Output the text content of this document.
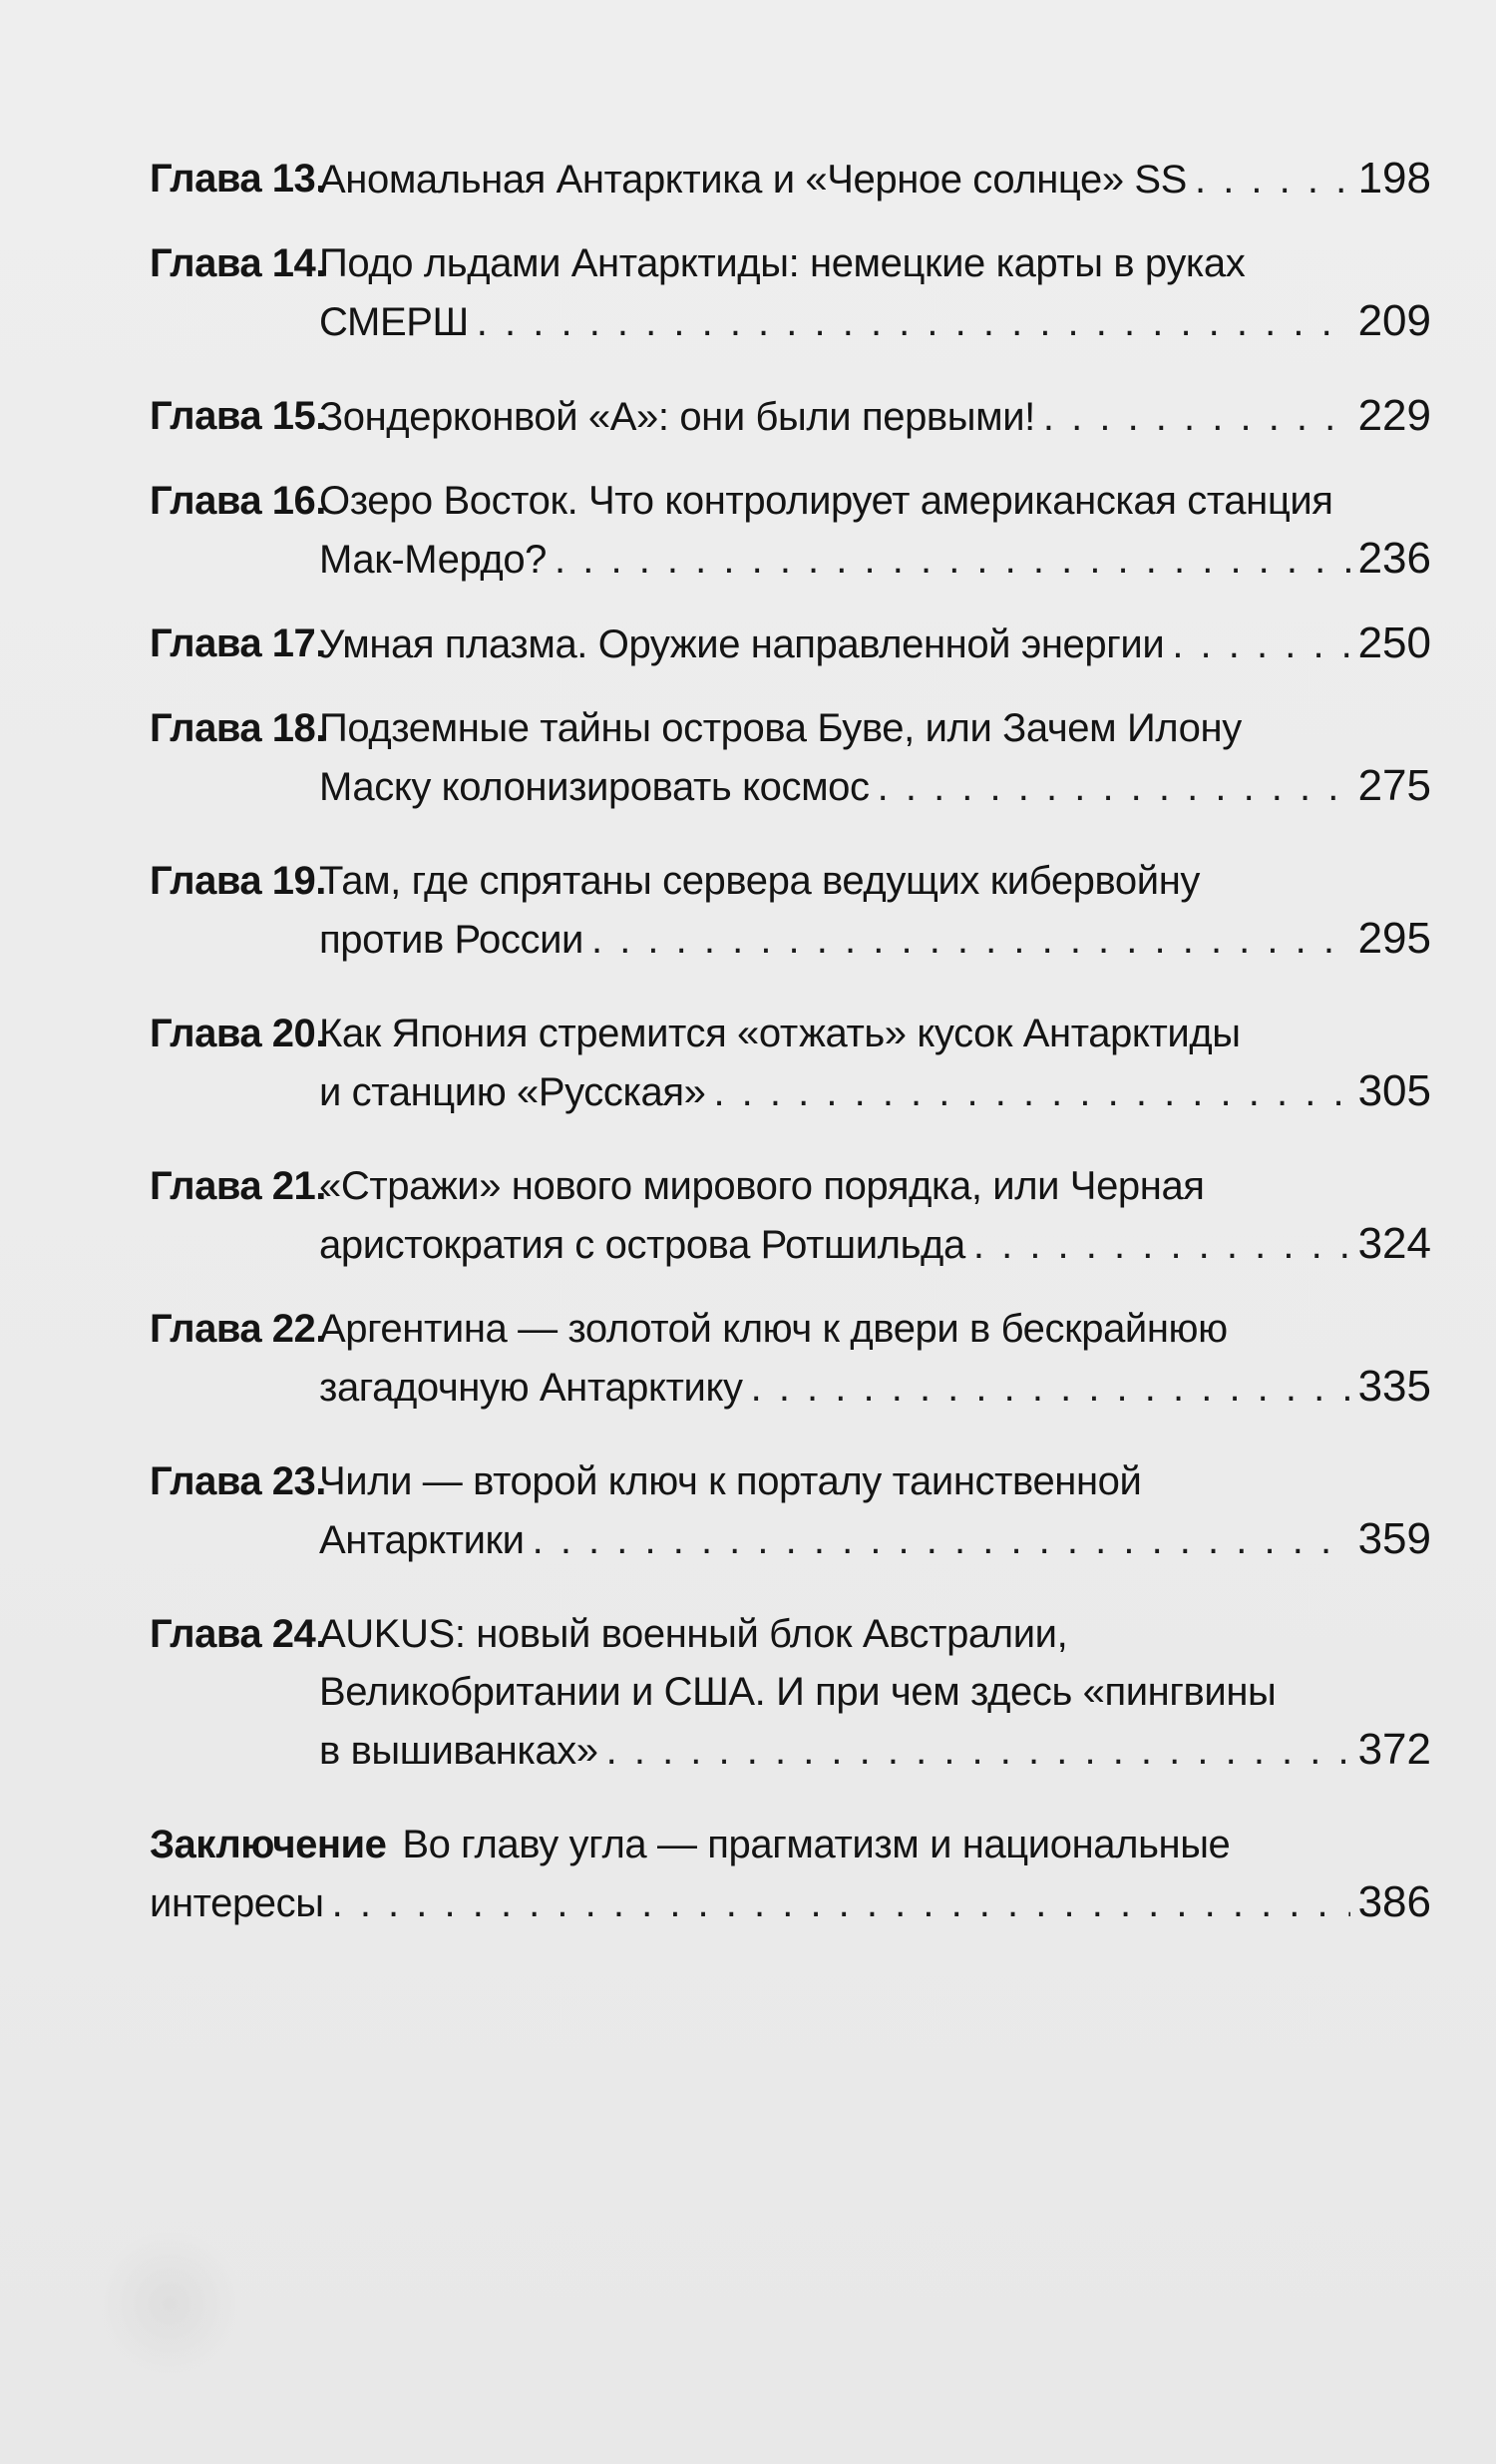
Глава 13.
Аномальная Антарктика и «Черное солнце» SS . . .	198
Глава 14.
Подо льдами Антарктиды: немецкие карты в руках
СМЕРШ . . .	209
Глава 15.
Зондерконвой «А»: они были первыми! . . .	229
Глава 16.
Озеро Восток. Что контролирует американская станция
Мак-Мердо? . . .	236
Глава 17.
Умная плазма. Оружие направленной энергии . . .	250
Глава 18.
Подземные тайны острова Буве, или Зачем Илону
Маску колонизировать космос . . .	275
Глава 19.
Там, где спрятаны сервера ведущих кибервойну
против России . . .	295
Глава 20.
Как Япония стремится «отжать» кусок Антарктиды
и станцию «Русская» . . .	305
Глава 21.
«Стражи» нового мирового порядка, или Черная
аристократия с острова Ротшильда . . .	324
Глава 22.
Аргентина — золотой ключ к двери в бескрайнюю
загадочную Антарктику . . .	335
Глава 23.
Чили — второй ключ к порталу таинственной
Антарктики . . .	359
Глава 24.
AUKUS: новый военный блок Австралии,
Великобритании и США. И при чем здесь «пингвины
в вышиванках» . . .	372
Заключение Во главу угла — прагматизм и национальные
интересы . . .	386
